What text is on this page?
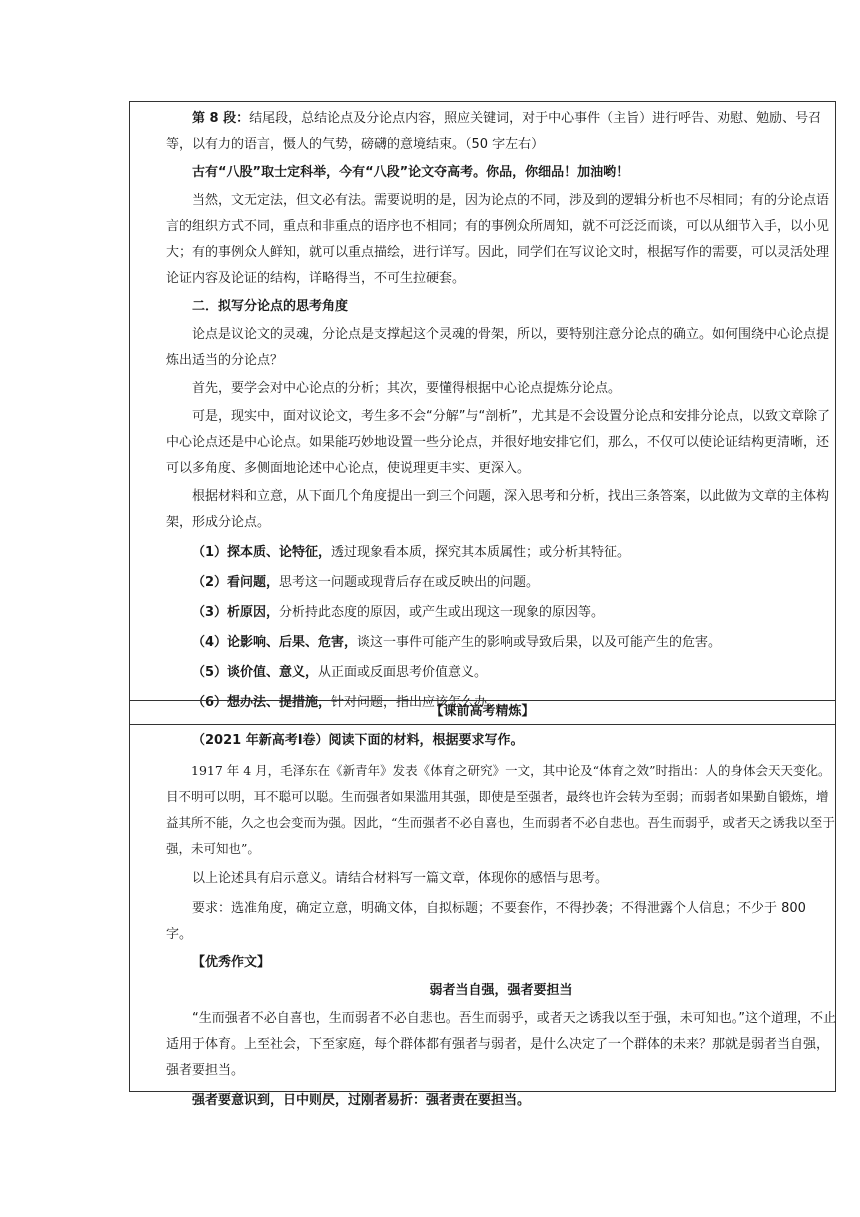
第 8 段：结尾段，总结论点及分论点内容，照应关键词，对于中心事件（主旨）进行呼告、劝慰、勉励、号召等，以有力的语言，慑人的气势，磅礴的意境结束。（50 字左右）

古有“八股”取士定科举，今有“八段”论文夺高考。你品，你细品！加油哟！

当然，文无定法，但文必有法。需要说明的是，因为论点的不同，涉及到的逻辑分析也不尽相同；有的分论点语言的组织方式不同，重点和非重点的语序也不相同；有的事例众所周知，就不可泛泛而谈，可以从细节入手，以小见大；有的事例众人鲜知，就可以重点描绘，进行详写。因此，同学们在写议论文时，根据写作的需要，可以灵活处理论证内容及论证的结构，详略得当，不可生拉硬套。

二．拟写分论点的思考角度

论点是议论文的灵魂，分论点是支撑起这个灵魂的骨架，所以，要特别注意分论点的确立。如何围绕中心论点提炼出适当的分论点？

首先，要学会对中心论点的分析；其次，要懂得根据中心论点提炼分论点。

可是，现实中，面对议论文，考生多不会“分解”与“剖析”，尤其是不会设置分论点和安排分论点，以致文章除了中心论点还是中心论点。如果能巧妙地设置一些分论点，并很好地安排它们，那么，不仅可以使论证结构更清晰，还可以多角度、多侧面地论述中心论点，使说理更丰实、更深入。

根据材料和立意，从下面几个角度提出一到三个问题，深入思考和分析，找出三条答案，以此做为文章的主体构架，形成分论点。

（1）探本质、论特征，透过现象看本质，探究其本质属性；或分析其特征。

（2）看问题，思考这一问题或现背后存在或反映出的问题。

（3）析原因，分析持此态度的原因，或产生或出现这一现象的原因等。

（4）论影响、后果、危害，谈这一事件可能产生的影响或导致后果，以及可能产生的危害。

（5）谈价值、意义，从正面或反面思考价值意义。

（6）想办法、提措施，针对问题，指出应该怎么办。

【课前高考精炼】

（2021 年新高考Ⅰ卷）阅读下面的材料，根据要求写作。

1917 年 4 月，毛泽东在《新青年》发表《体育之研究》一文，其中论及“体育之效”时指出：人的身体会天天变化。目不明可以明，耳不聪可以聪。生而强者如果滥用其强，即使是至强者，最终也许会转为至弱；而弱者如果勤自锻炼，增益其所不能，久之也会变而为强。因此，“生而强者不必自喜也，生而弱者不必自悲也。吾生而弱乎，或者天之诱我以至于强，未可知也”。

以上论述具有启示意义。请结合材料写一篇文章，体现你的感悟与思考。

要求：选准角度，确定立意，明确文体，自拟标题；不要套作，不得抄袭；不得泄露个人信息；不少于 800 字。

【优秀作文】

弱者当自强，强者要担当

“生而强者不必自喜也，生而弱者不必自悲也。吾生而弱乎，或者天之诱我以至于强，未可知也。”这个道理，不止适用于体育。上至社会，下至家庭，每个群体都有强者与弱者，是什么决定了一个群体的未来？那就是弱者当自强，强者要担当。

强者要意识到，日中则昃，过刚者易折：强者责在要担当。
